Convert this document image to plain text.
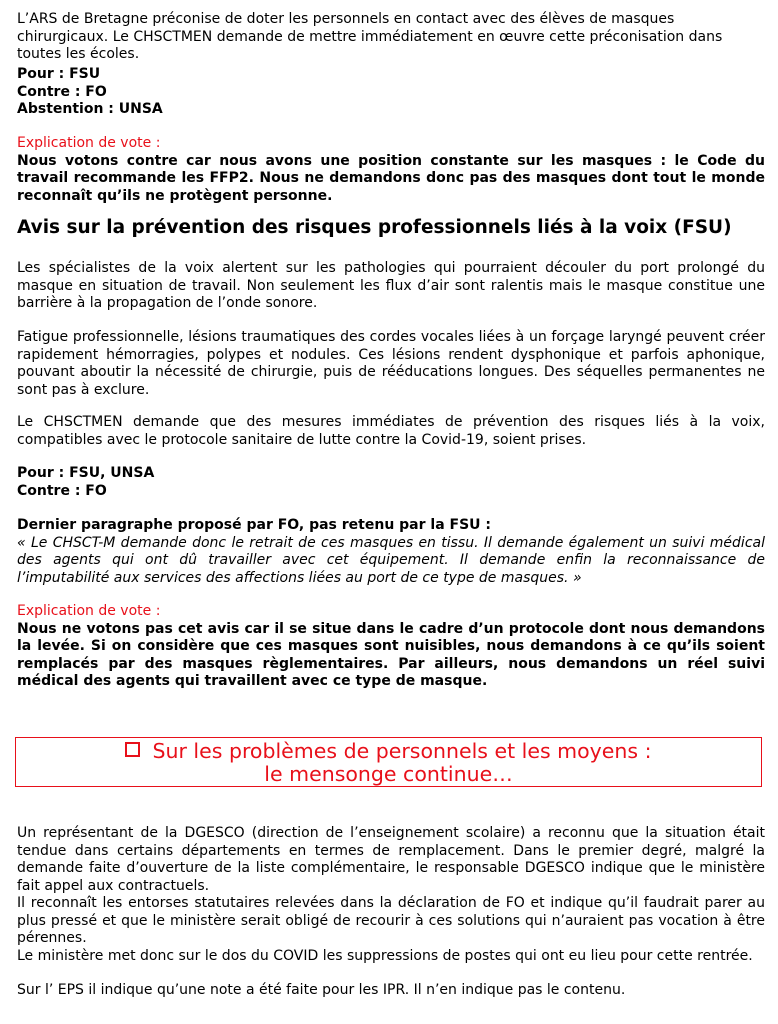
L’ARS de Bretagne préconise de doter les personnels en contact avec des élèves de masques chirurgicaux. Le CHSCTMEN demande de mettre immédiatement en œuvre cette préconisation dans toutes les écoles.

Pour : FSU

Contre : FO

Abstention : UNSA

Explication de vote :

Nous votons contre car nous avons une position constante sur les masques : le Code du travail recommande les FFP2. Nous ne demandons donc pas des masques dont tout le monde reconnaît qu’ils ne protègent personne.

Avis sur la prévention des risques professionnels liés à la voix (FSU)

Les spécialistes de la voix alertent sur les pathologies qui pourraient découler du port prolongé du masque en situation de travail. Non seulement les flux d’air sont ralentis mais le masque constitue une barrière à la propagation de l’onde sonore.

Fatigue professionnelle, lésions traumatiques des cordes vocales liées à un forçage laryngé peuvent créer rapidement hémorragies, polypes et nodules. Ces lésions rendent dysphonique et parfois aphonique, pouvant aboutir la nécessité de chirurgie, puis de rééducations longues. Des séquelles permanentes ne sont pas à exclure.

Le CHSCTMEN demande que des mesures immédiates de prévention des risques liés à la voix, compatibles avec le protocole sanitaire de lutte contre la Covid-19, soient prises.

Pour : FSU, UNSA

Contre : FO

Dernier paragraphe proposé par FO, pas retenu par la FSU :

« Le CHSCT-M demande donc le retrait de ces masques en tissu. Il demande également un suivi médical des agents qui ont dû travailler avec cet équipement. Il demande enfin la reconnaissance de l’imputabilité aux services des affections liées au port de ce type de masques. »

Explication de vote :

Nous ne votons pas cet avis car il se situe dans le cadre d’un protocole dont nous demandons la levée. Si on considère que ces masques sont nuisibles, nous demandons à ce qu’ils soient remplacés par des masques règlementaires. Par ailleurs, nous demandons un réel suivi médical des agents qui travaillent avec ce type de masque.

Sur les problèmes de personnels et les moyens :
le mensonge continue…

Un représentant de la DGESCO (direction de l’enseignement scolaire) a reconnu que la situation était tendue dans certains départements en termes de remplacement. Dans le premier degré, malgré la demande faite d’ouverture de la liste complémentaire, le responsable DGESCO indique que le ministère fait appel aux contractuels.

Il reconnaît les entorses statutaires relevées dans la déclaration de FO et indique qu’il faudrait parer au plus pressé et que le ministère serait obligé de recourir à ces solutions qui n’auraient pas vocation à être pérennes.

Le ministère met donc sur le dos du COVID les suppressions de postes qui ont eu lieu pour cette rentrée.

Sur l’ EPS il indique qu’une note a été faite pour les IPR. Il n’en indique pas le contenu.
